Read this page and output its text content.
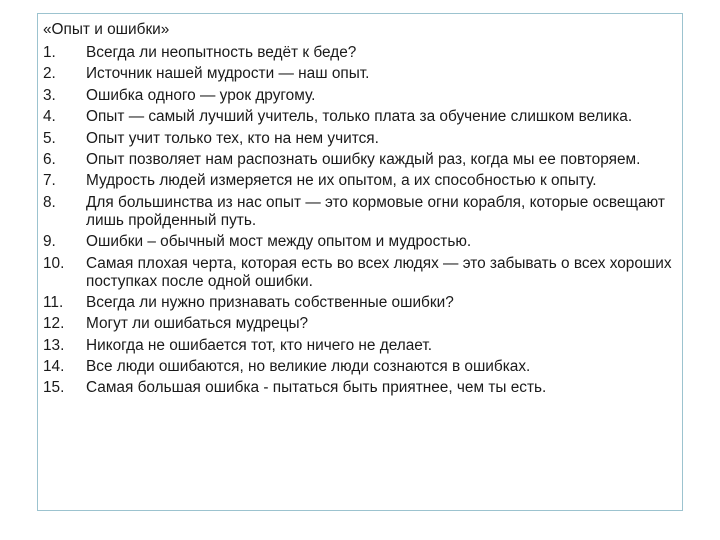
«Опыт и ошибки»
1.	Всегда ли неопытность ведёт к беде?
2.	Источник нашей мудрости — наш опыт.
3.	Ошибка одного — урок другому.
4.	Опыт — самый лучший учитель, только плата за обучение слишком велика.
5.	Опыт учит только тех, кто на нем учится.
6.	Опыт позволяет нам распознать ошибку каждый раз, когда мы ее повторяем.
7.	Мудрость людей измеряется не их опытом, а их способностью к опыту.
8.	Для большинства из нас опыт — это кормовые огни корабля, которые освещают лишь пройденный путь.
9.	Ошибки – обычный мост между опытом и мудростью.
10.	Самая плохая черта, которая есть во всех людях — это забывать о всех хороших поступках после одной ошибки.
11.	Всегда ли нужно признавать собственные ошибки?
12.	Могут ли ошибаться мудрецы?
13.	Никогда не ошибается тот, кто ничего не делает.
14.	Все люди ошибаются, но великие люди сознаются в ошибках.
15.	Самая большая ошибка - пытаться быть приятнее, чем ты есть.
